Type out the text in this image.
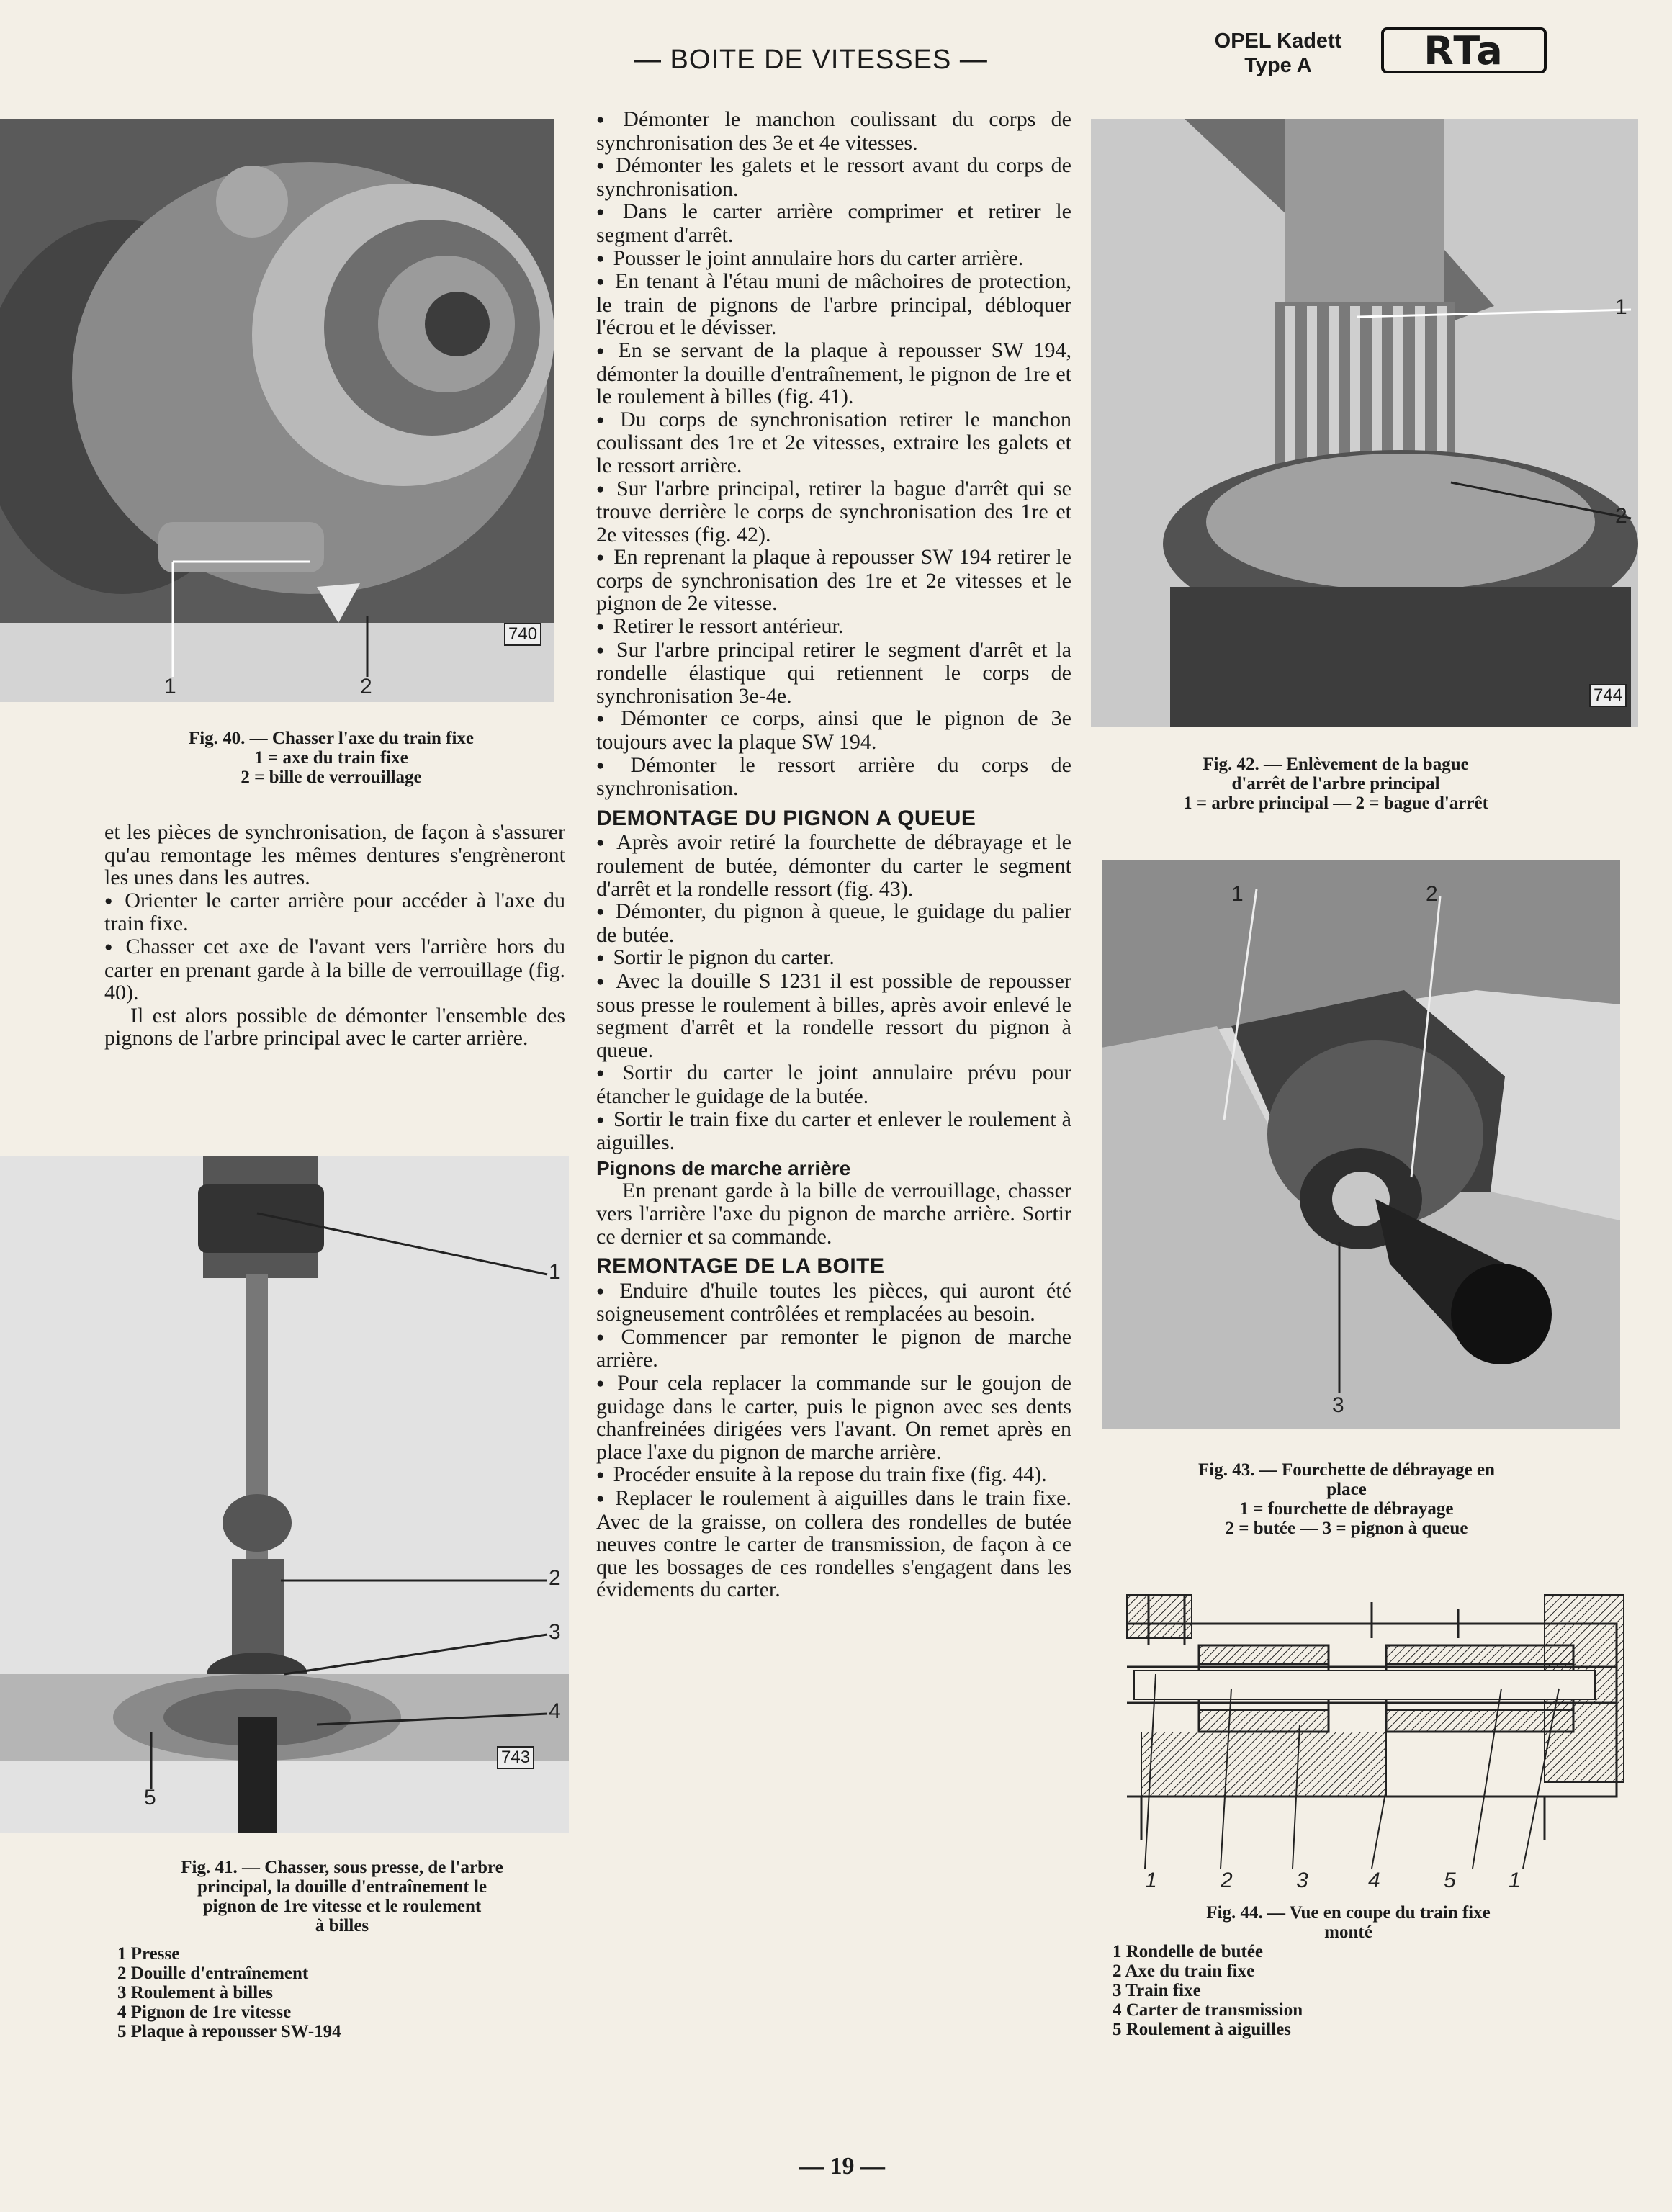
— BOITE DE VITESSES —
OPEL Kadett
Type A	RTa
740
1	2
Fig. 40. — Chasser l'axe du train fixe
1 = axe du train fixe
2 = bille de verrouillage

et les pièces de synchronisation, de façon à s'assurer qu'au remontage les mêmes dentures s'engrèneront les unes dans les autres.

● Orienter le carter arrière pour accéder à l'axe du train fixe.

● Chasser cet axe de l'avant vers l'arrière hors du carter en prenant garde à la bille de verrouillage (fig. 40).

Il est alors possible de démonter l'ensemble des pignons de l'arbre principal avec le carter arrière.

743
1
2
3
4
5
Fig. 41. — Chasser, sous presse, de l'arbre
principal, la douille d'entraînement le
pignon de 1re vitesse et le roulement
à billes
1 Presse
2 Douille d'entraînement
3 Roulement à billes
4 Pignon de 1re vitesse
5 Plaque à repousser SW-194

● Démonter le manchon coulissant du corps de synchronisation des 3e et 4e vitesses.

● Démonter les galets et le ressort avant du corps de synchronisation.

● Dans le carter arrière comprimer et retirer le segment d'arrêt.

● Pousser le joint annulaire hors du carter arrière.

● En tenant à l'étau muni de mâchoires de protection, le train de pignons de l'arbre principal, débloquer l'écrou et le dévisser.

● En se servant de la plaque à repousser SW 194, démonter la douille d'entraînement, le pignon de 1re et le roulement à billes (fig. 41).

● Du corps de synchronisation retirer le manchon coulissant des 1re et 2e vitesses, extraire les galets et le ressort arrière.

● Sur l'arbre principal, retirer la bague d'arrêt qui se trouve derrière le corps de synchronisation des 1re et 2e vitesses (fig. 42).

● En reprenant la plaque à repousser SW 194 retirer le corps de synchronisation des 1re et 2e vitesses et le pignon de 2e vitesse.

● Retirer le ressort antérieur.

● Sur l'arbre principal retirer le segment d'arrêt et la rondelle élastique qui retiennent le corps de synchronisation 3e-4e.

● Démonter ce corps, ainsi que le pignon de 3e toujours avec la plaque SW 194.

● Démonter le ressort arrière du corps de synchronisation.

DEMONTAGE DU PIGNON A QUEUE

● Après avoir retiré la fourchette de débrayage et le roulement de butée, démonter du carter le segment d'arrêt et la rondelle ressort (fig. 43).

● Démonter, du pignon à queue, le guidage du palier de butée.

● Sortir le pignon du carter.

● Avec la douille S 1231 il est possible de repousser sous presse le roulement à billes, après avoir enlevé le segment d'arrêt et la rondelle ressort du pignon à queue.

● Sortir du carter le joint annulaire prévu pour étancher le guidage de la butée.

● Sortir le train fixe du carter et enlever le roulement à aiguilles.

Pignons de marche arrière

En prenant garde à la bille de verrouillage, chasser vers l'arrière l'axe du pignon de marche arrière. Sortir ce dernier et sa commande.

REMONTAGE DE LA BOITE

● Enduire d'huile toutes les pièces, qui auront été soigneusement contrôlées et remplacées au besoin.

● Commencer par remonter le pignon de marche arrière.

● Pour cela replacer la commande sur le goujon de guidage dans le carter, puis le pignon avec ses dents chanfreinées dirigées vers l'avant. On remet après en place l'axe du pignon de marche arrière.

● Procéder ensuite à la repose du train fixe (fig. 44).

● Replacer le roulement à aiguilles dans le train fixe. Avec de la graisse, on collera des rondelles de butée neuves contre le carter de transmission, de façon à ce que les bossages de ces rondelles s'engagent dans les évidements du carter.

744
1
2
Fig. 42. — Enlèvement de la bague
d'arrêt de l'arbre principal
1 = arbre principal — 2 = bague d'arrêt
1	2
3
Fig. 43. — Fourchette de débrayage en
place
1 = fourchette de débrayage
2 = butée — 3 = pignon à queue
1	2	3	4	5 1
Fig. 44. — Vue en coupe du train fixe
monté
1 Rondelle de butée
2 Axe du train fixe
3 Train fixe
4 Carter de transmission
5 Roulement à aiguilles
— 19 —
